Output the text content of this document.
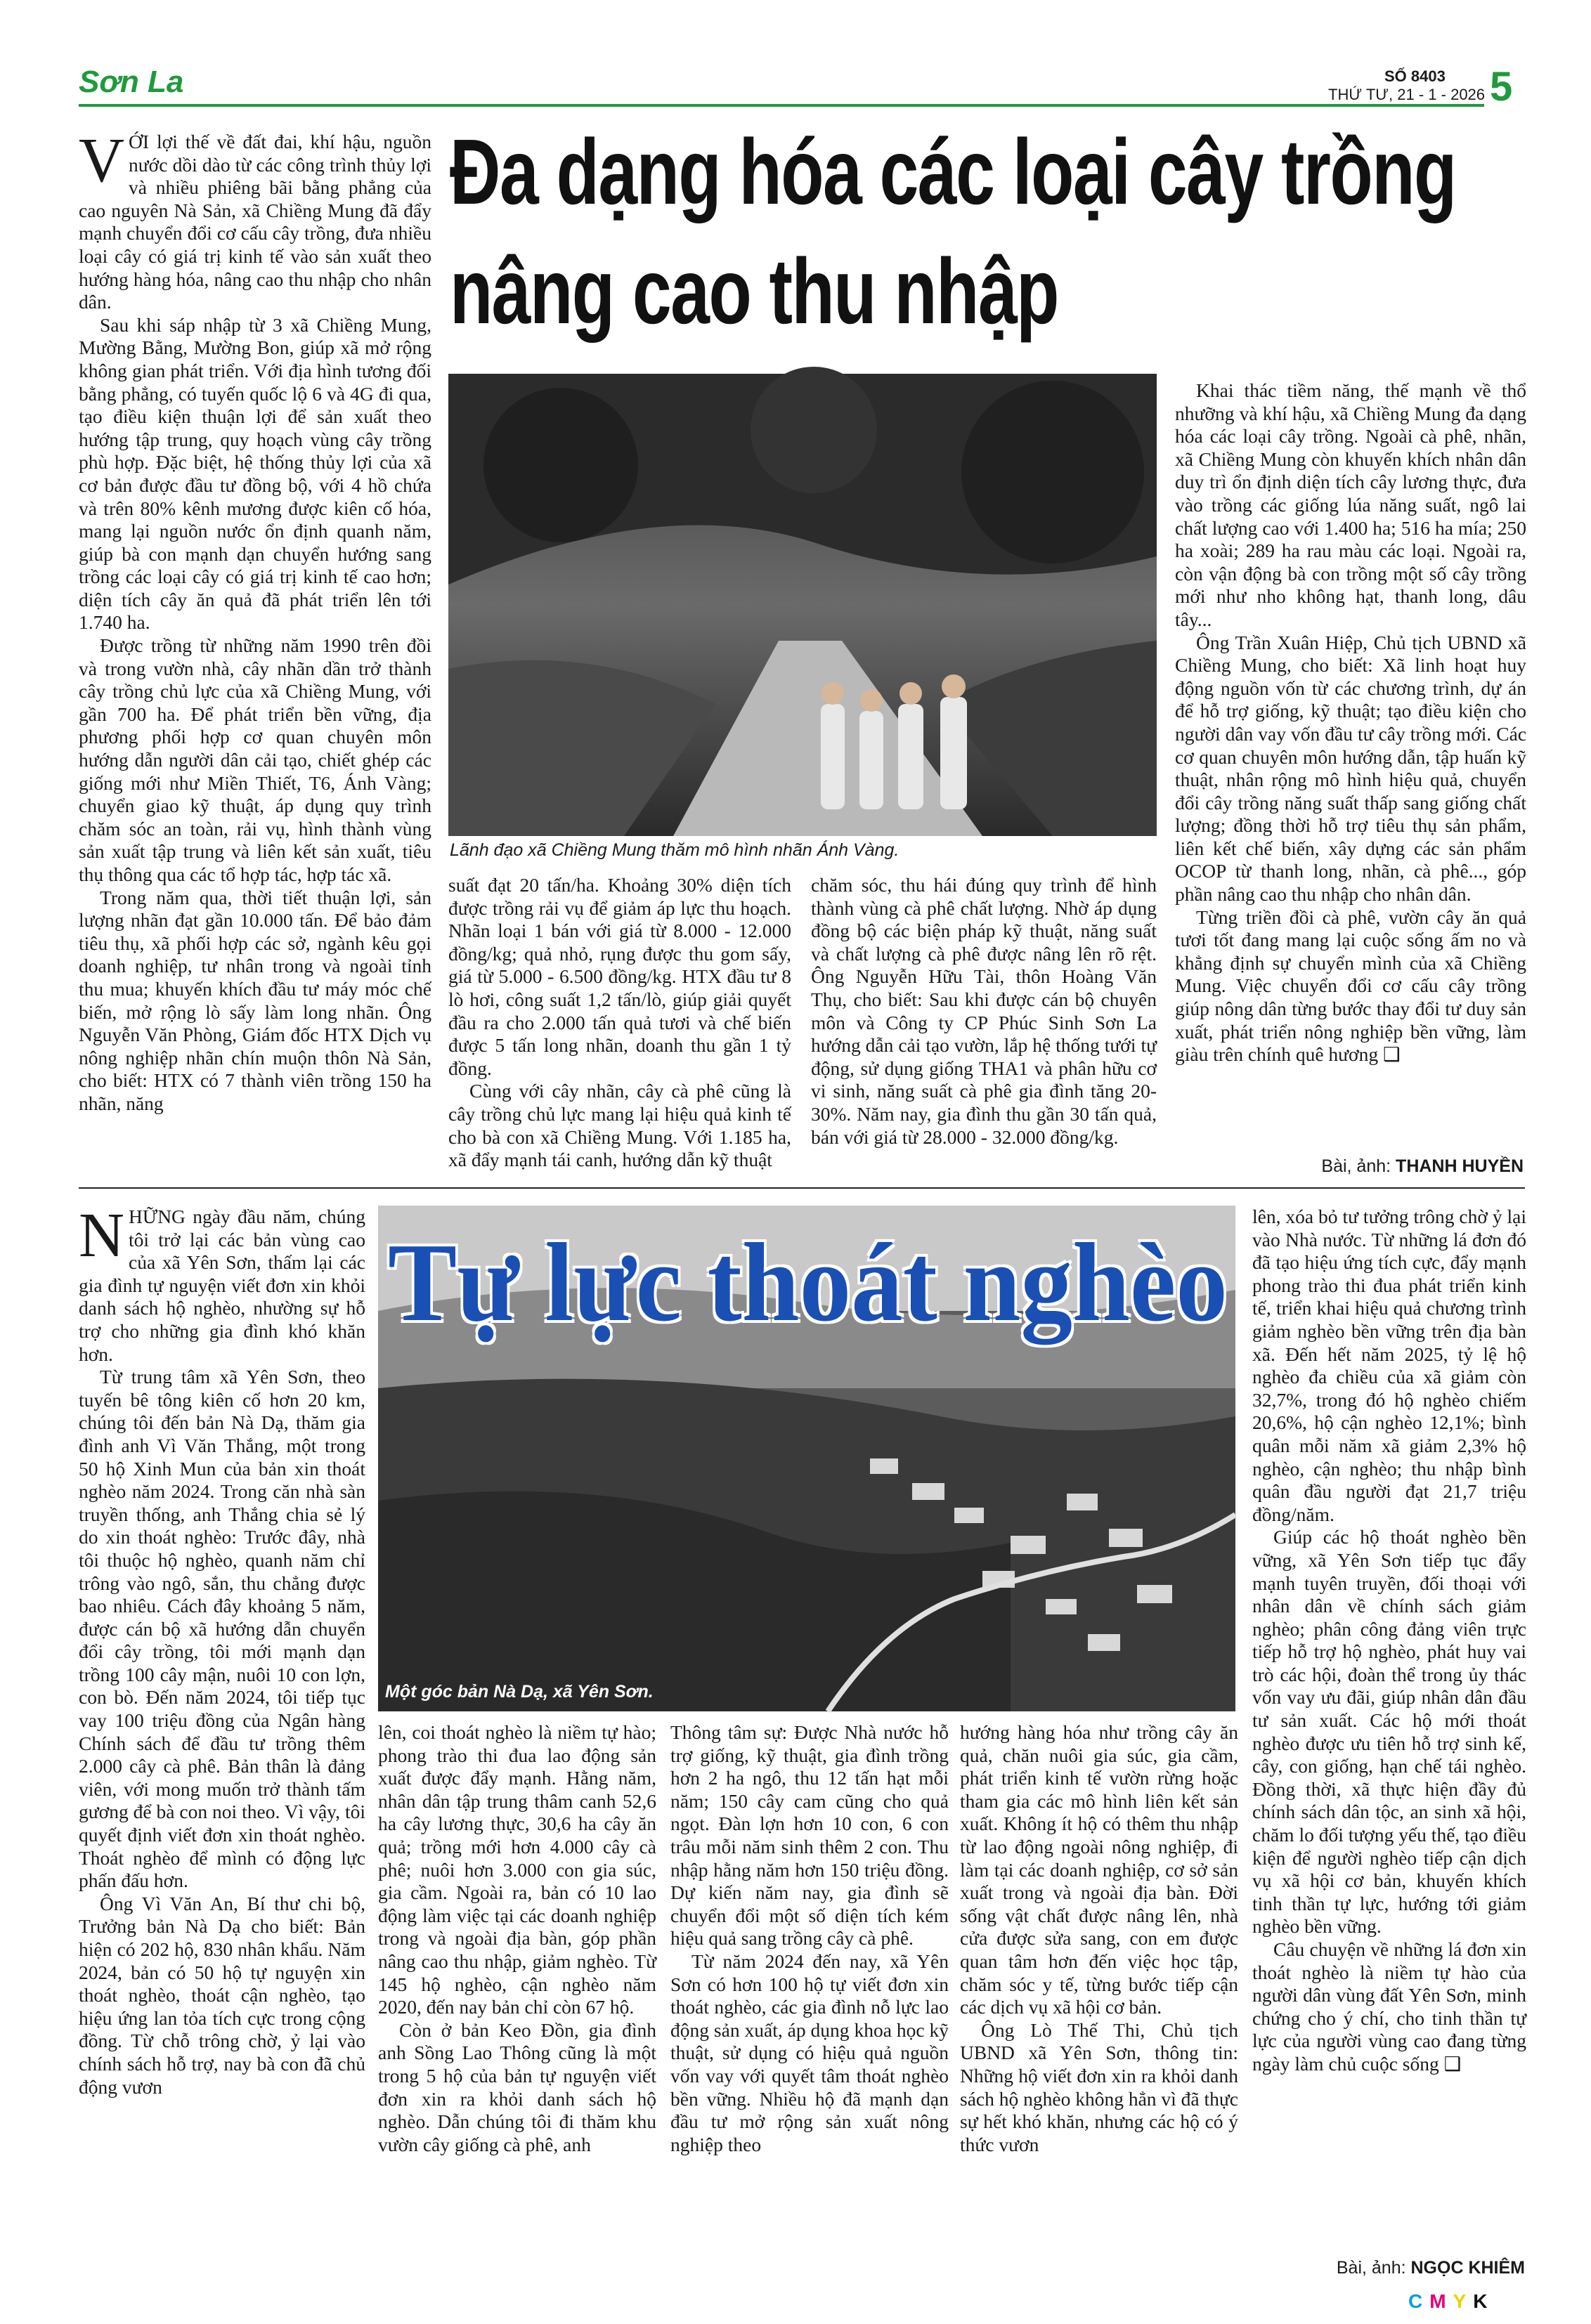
Sơn La	SỐ 8403
THỨ TƯ, 21 - 1 - 2026 5
Đa dạng hóa các loại cây trồng
nâng cao thu nhập

VỚI lợi thế về đất đai, khí hậu, nguồn nước dồi dào từ các công trình thủy lợi và nhiều phiêng bãi bằng phẳng của cao nguyên Nà Sản, xã Chiềng Mung đã đẩy mạnh chuyển đổi cơ cấu cây trồng, đưa nhiều loại cây có giá trị kinh tế vào sản xuất theo hướng hàng hóa, nâng cao thu nhập cho nhân dân.

Sau khi sáp nhập từ 3 xã Chiềng Mung, Mường Bằng, Mường Bon, giúp xã mở rộng không gian phát triển. Với địa hình tương đối bằng phẳng, có tuyến quốc lộ 6 và 4G đi qua, tạo điều kiện thuận lợi để sản xuất theo hướng tập trung, quy hoạch vùng cây trồng phù hợp. Đặc biệt, hệ thống thủy lợi của xã cơ bản được đầu tư đồng bộ, với 4 hồ chứa và trên 80% kênh mương được kiên cố hóa, mang lại nguồn nước ổn định quanh năm, giúp bà con mạnh dạn chuyển hướng sang trồng các loại cây có giá trị kinh tế cao hơn; diện tích cây ăn quả đã phát triển lên tới 1.740 ha.

Được trồng từ những năm 1990 trên đồi và trong vườn nhà, cây nhãn dần trở thành cây trồng chủ lực của xã Chiềng Mung, với gần 700 ha. Để phát triển bền vững, địa phương phối hợp cơ quan chuyên môn hướng dẫn người dân cải tạo, chiết ghép các giống mới như Miền Thiết, T6, Ánh Vàng; chuyển giao kỹ thuật, áp dụng quy trình chăm sóc an toàn, rải vụ, hình thành vùng sản xuất tập trung và liên kết sản xuất, tiêu thụ thông qua các tổ hợp tác, hợp tác xã.

Trong năm qua, thời tiết thuận lợi, sản lượng nhãn đạt gần 10.000 tấn. Để bảo đảm tiêu thụ, xã phối hợp các sở, ngành kêu gọi doanh nghiệp, tư nhân trong và ngoài tỉnh thu mua; khuyến khích đầu tư máy móc chế biến, mở rộng lò sấy làm long nhãn. Ông Nguyễn Văn Phòng, Giám đốc HTX Dịch vụ nông nghiệp nhãn chín muộn thôn Nà Sản, cho biết: HTX có 7 thành viên trồng 150 ha nhãn, năng

Lãnh đạo xã Chiềng Mung thăm mô hình nhãn Ánh Vàng.

suất đạt 20 tấn/ha. Khoảng 30% diện tích được trồng rải vụ để giảm áp lực thu hoạch. Nhãn loại 1 bán với giá từ 8.000 - 12.000 đồng/kg; quả nhỏ, rụng được thu gom sấy, giá từ 5.000 - 6.500 đồng/kg. HTX đầu tư 8 lò hơi, công suất 1,2 tấn/lò, giúp giải quyết đầu ra cho 2.000 tấn quả tươi và chế biến được 5 tấn long nhãn, doanh thu gần 1 tỷ đồng.

Cùng với cây nhãn, cây cà phê cũng là cây trồng chủ lực mang lại hiệu quả kinh tế cho bà con xã Chiềng Mung. Với 1.185 ha, xã đẩy mạnh tái canh, hướng dẫn kỹ thuật

chăm sóc, thu hái đúng quy trình để hình thành vùng cà phê chất lượng. Nhờ áp dụng đồng bộ các biện pháp kỹ thuật, năng suất và chất lượng cà phê được nâng lên rõ rệt. Ông Nguyễn Hữu Tài, thôn Hoàng Văn Thụ, cho biết: Sau khi được cán bộ chuyên môn và Công ty CP Phúc Sinh Sơn La hướng dẫn cải tạo vườn, lắp hệ thống tưới tự động, sử dụng giống THA1 và phân hữu cơ vi sinh, năng suất cà phê gia đình tăng 20-30%. Năm nay, gia đình thu gần 30 tấn quả, bán với giá từ 28.000 - 32.000 đồng/kg.

Khai thác tiềm năng, thế mạnh về thổ nhưỡng và khí hậu, xã Chiềng Mung đa dạng hóa các loại cây trồng. Ngoài cà phê, nhãn, xã Chiềng Mung còn khuyến khích nhân dân duy trì ổn định diện tích cây lương thực, đưa vào trồng các giống lúa năng suất, ngô lai chất lượng cao với 1.400 ha; 516 ha mía; 250 ha xoài; 289 ha rau màu các loại. Ngoài ra, còn vận động bà con trồng một số cây trồng mới như nho không hạt, thanh long, dâu tây...

Ông Trần Xuân Hiệp, Chủ tịch UBND xã Chiềng Mung, cho biết: Xã linh hoạt huy động nguồn vốn từ các chương trình, dự án để hỗ trợ giống, kỹ thuật; tạo điều kiện cho người dân vay vốn đầu tư cây trồng mới. Các cơ quan chuyên môn hướng dẫn, tập huấn kỹ thuật, nhân rộng mô hình hiệu quả, chuyển đổi cây trồng năng suất thấp sang giống chất lượng; đồng thời hỗ trợ tiêu thụ sản phẩm, liên kết chế biến, xây dựng các sản phẩm OCOP từ thanh long, nhãn, cà phê..., góp phần nâng cao thu nhập cho nhân dân.

Từng triền đồi cà phê, vườn cây ăn quả tươi tốt đang mang lại cuộc sống ấm no và khẳng định sự chuyển mình của xã Chiềng Mung. Việc chuyển đổi cơ cấu cây trồng giúp nông dân từng bước thay đổi tư duy sản xuất, phát triển nông nghiệp bền vững, làm giàu trên chính quê hương ❑

Bài, ảnh: THANH HUYỀN

NHỮNG ngày đầu năm, chúng tôi trở lại các bản vùng cao của xã Yên Sơn, thấm lại các gia đình tự nguyện viết đơn xin khỏi danh sách hộ nghèo, nhường sự hỗ trợ cho những gia đình khó khăn hơn.

Từ trung tâm xã Yên Sơn, theo tuyến bê tông kiên cố hơn 20 km, chúng tôi đến bản Nà Dạ, thăm gia đình anh Vì Văn Thắng, một trong 50 hộ Xinh Mun của bản xin thoát nghèo năm 2024. Trong căn nhà sàn truyền thống, anh Thắng chia sẻ lý do xin thoát nghèo: Trước đây, nhà tôi thuộc hộ nghèo, quanh năm chỉ trông vào ngô, sắn, thu chẳng được bao nhiêu. Cách đây khoảng 5 năm, được cán bộ xã hướng dẫn chuyển đổi cây trồng, tôi mới mạnh dạn trồng 100 cây mận, nuôi 10 con lợn, con bò. Đến năm 2024, tôi tiếp tục vay 100 triệu đồng của Ngân hàng Chính sách để đầu tư trồng thêm 2.000 cây cà phê. Bản thân là đảng viên, với mong muốn trở thành tấm gương để bà con noi theo. Vì vậy, tôi quyết định viết đơn xin thoát nghèo. Thoát nghèo để mình có động lực phấn đấu hơn.

Ông Vì Văn An, Bí thư chi bộ, Trưởng bản Nà Dạ cho biết: Bản hiện có 202 hộ, 830 nhân khẩu. Năm 2024, bản có 50 hộ tự nguyện xin thoát nghèo, thoát cận nghèo, tạo hiệu ứng lan tỏa tích cực trong cộng đồng. Từ chỗ trông chờ, ỷ lại vào chính sách hỗ trợ, nay bà con đã chủ động vươn

Tự lực thoát nghèo
Một góc bản Nà Dạ, xã Yên Sơn.

lên, coi thoát nghèo là niềm tự hào; phong trào thi đua lao động sản xuất được đẩy mạnh. Hằng năm, nhân dân tập trung thâm canh 52,6 ha cây lương thực, 30,6 ha cây ăn quả; trồng mới hơn 4.000 cây cà phê; nuôi hơn 3.000 con gia súc, gia cầm. Ngoài ra, bản có 10 lao động làm việc tại các doanh nghiệp trong và ngoài địa bàn, góp phần nâng cao thu nhập, giảm nghèo. Từ 145 hộ nghèo, cận nghèo năm 2020, đến nay bản chỉ còn 67 hộ.

Còn ở bản Keo Đồn, gia đình anh Sồng Lao Thông cũng là một trong 5 hộ của bản tự nguyện viết đơn xin ra khỏi danh sách hộ nghèo. Dẫn chúng tôi đi thăm khu vườn cây giống cà phê, anh

Thông tâm sự: Được Nhà nước hỗ trợ giống, kỹ thuật, gia đình trồng hơn 2 ha ngô, thu 12 tấn hạt mỗi năm; 150 cây cam cũng cho quả ngọt. Đàn lợn hơn 10 con, 6 con trâu mỗi năm sinh thêm 2 con. Thu nhập hằng năm hơn 150 triệu đồng. Dự kiến năm nay, gia đình sẽ chuyển đổi một số diện tích kém hiệu quả sang trồng cây cà phê.

Từ năm 2024 đến nay, xã Yên Sơn có hơn 100 hộ tự viết đơn xin thoát nghèo, các gia đình nỗ lực lao động sản xuất, áp dụng khoa học kỹ thuật, sử dụng có hiệu quả nguồn vốn vay với quyết tâm thoát nghèo bền vững. Nhiều hộ đã mạnh dạn đầu tư mở rộng sản xuất nông nghiệp theo

hướng hàng hóa như trồng cây ăn quả, chăn nuôi gia súc, gia cầm, phát triển kinh tế vườn rừng hoặc tham gia các mô hình liên kết sản xuất. Không ít hộ có thêm thu nhập từ lao động ngoài nông nghiệp, đi làm tại các doanh nghiệp, cơ sở sản xuất trong và ngoài địa bàn. Đời sống vật chất được nâng lên, nhà cửa được sửa sang, con em được quan tâm hơn đến việc học tập, chăm sóc y tế, từng bước tiếp cận các dịch vụ xã hội cơ bản.

Ông Lò Thế Thi, Chủ tịch UBND xã Yên Sơn, thông tin: Những hộ viết đơn xin ra khỏi danh sách hộ nghèo không hẳn vì đã thực sự hết khó khăn, nhưng các hộ có ý thức vươn

lên, xóa bỏ tư tưởng trông chờ ỷ lại vào Nhà nước. Từ những lá đơn đó đã tạo hiệu ứng tích cực, đẩy mạnh phong trào thi đua phát triển kinh tế, triển khai hiệu quả chương trình giảm nghèo bền vững trên địa bàn xã. Đến hết năm 2025, tỷ lệ hộ nghèo đa chiều của xã giảm còn 32,7%, trong đó hộ nghèo chiếm 20,6%, hộ cận nghèo 12,1%; bình quân mỗi năm xã giảm 2,3% hộ nghèo, cận nghèo; thu nhập bình quân đầu người đạt 21,7 triệu đồng/năm.

Giúp các hộ thoát nghèo bền vững, xã Yên Sơn tiếp tục đẩy mạnh tuyên truyền, đối thoại với nhân dân về chính sách giảm nghèo; phân công đảng viên trực tiếp hỗ trợ hộ nghèo, phát huy vai trò các hội, đoàn thể trong ủy thác vốn vay ưu đãi, giúp nhân dân đầu tư sản xuất. Các hộ mới thoát nghèo được ưu tiên hỗ trợ sinh kế, cây, con giống, hạn chế tái nghèo. Đồng thời, xã thực hiện đầy đủ chính sách dân tộc, an sinh xã hội, chăm lo đối tượng yếu thế, tạo điều kiện để người nghèo tiếp cận dịch vụ xã hội cơ bản, khuyến khích tinh thần tự lực, hướng tới giảm nghèo bền vững.

Câu chuyện về những lá đơn xin thoát nghèo là niềm tự hào của người dân vùng đất Yên Sơn, minh chứng cho ý chí, cho tinh thần tự lực của người vùng cao đang từng ngày làm chủ cuộc sống ❑

Bài, ảnh: NGỌC KHIÊM
CMYK
